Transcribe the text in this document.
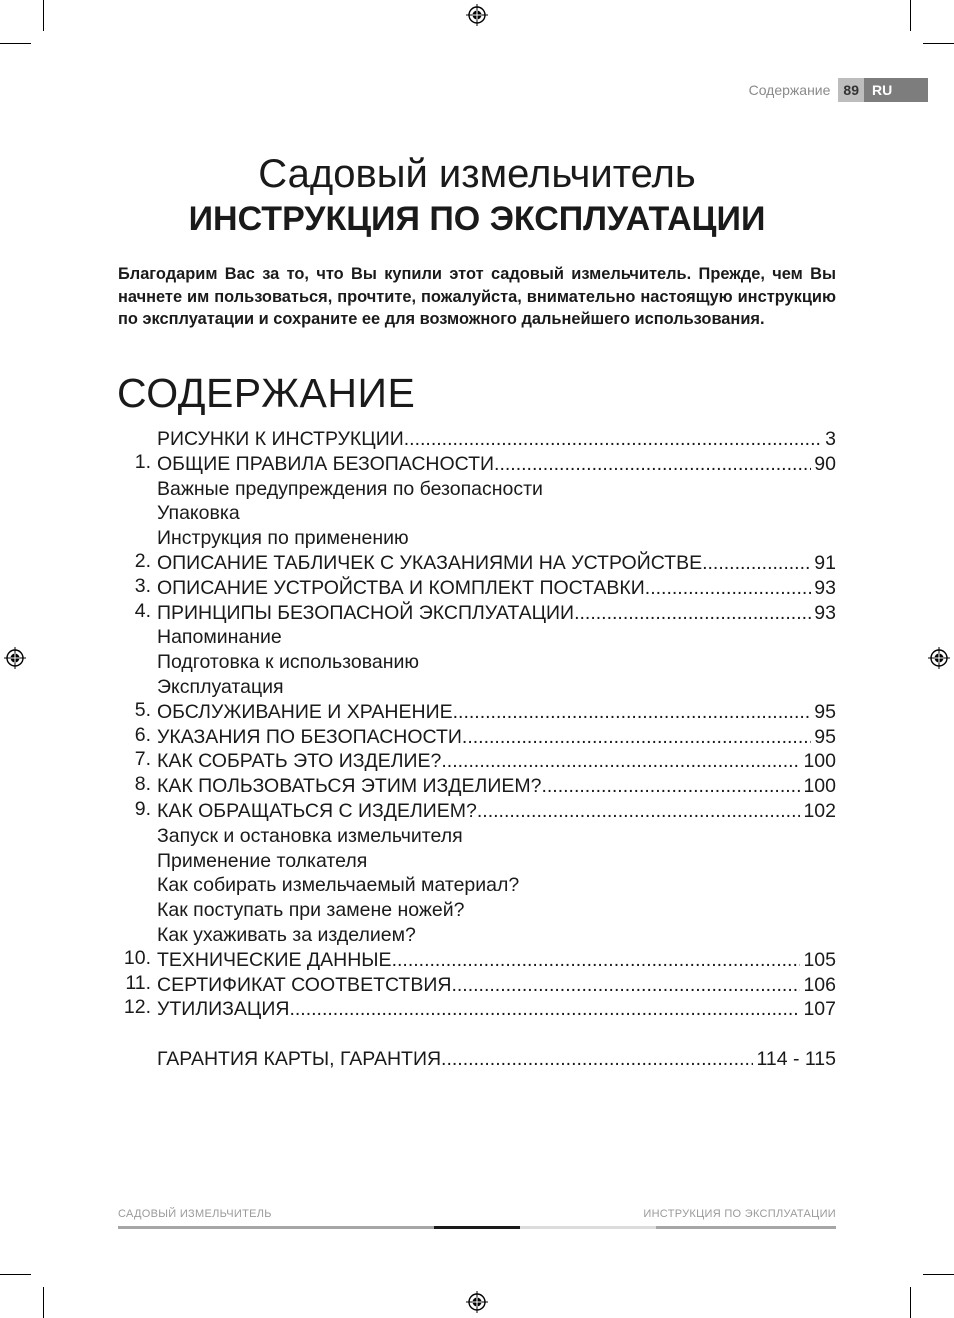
Содержание 89 RU
Садовый измельчитель
ИНСТРУКЦИЯ ПО ЭКСПЛУАТАЦИИ
Благодарим Вас за то, что Вы купили этот садовый измельчитель. Прежде, чем Вы начнете им пользоваться, прочтите, пожалуйста, внимательно настоящую инструкцию по эксплуатации и сохраните ее для возможного дальнейшего использования.
СОДЕРЖАНИЕ
РИСУНКИ К ИНСТРУКЦИИ .....	3
1. ОБЩИЕ ПРАВИЛА БЕЗОПАСНОСТИ .....	90
Важные предупреждения по безопасности
Упаковка
Инструкция по применению
2. ОПИСАНИЕ ТАБЛИЧЕК С УКАЗАНИЯМИ НА УСТРОЙСТВЕ .....	91
3. ОПИСАНИЕ УСТРОЙСТВА И КОМПЛЕКТ ПОСТАВКИ .....	93
4. ПРИНЦИПЫ БЕЗОПАСНОЙ ЭКСПЛУАТАЦИИ .....	93
Напоминание
Подготовка к использованию
Эксплуатация
5. ОБСЛУЖИВАНИЕ И ХРАНЕНИЕ .....	95
6. УКАЗАНИЯ ПО БЕЗОПАСНОСТИ .....	95
7. КАК СОБРАТЬ ЭТО ИЗДЕЛИЕ? .....	100
8. КАК ПОЛЬЗОВАТЬСЯ ЭТИМ ИЗДЕЛИЕМ? .....	100
9. КАК ОБРАЩАТЬСЯ С ИЗДЕЛИЕМ? .....	102
Запуск и остановка измельчителя
Применение толкателя
Как собирать измельчаемый материал?
Как поступать при замене ножей?
Как ухаживать за изделием?
10. ТЕХНИЧЕСКИЕ ДАННЫЕ .....	105
11. СЕРТИФИКАТ СООТВЕТСТВИЯ .....	106
12. УТИЛИЗАЦИЯ .....	107
ГАРАНТИЯ КАРТЫ, ГАРАНТИЯ .....	114 - 115
САДОВЫЙ ИЗМЕЛЬЧИТЕЛЬ	ИНСТРУКЦИЯ ПО ЭКСПЛУАТАЦИИ
